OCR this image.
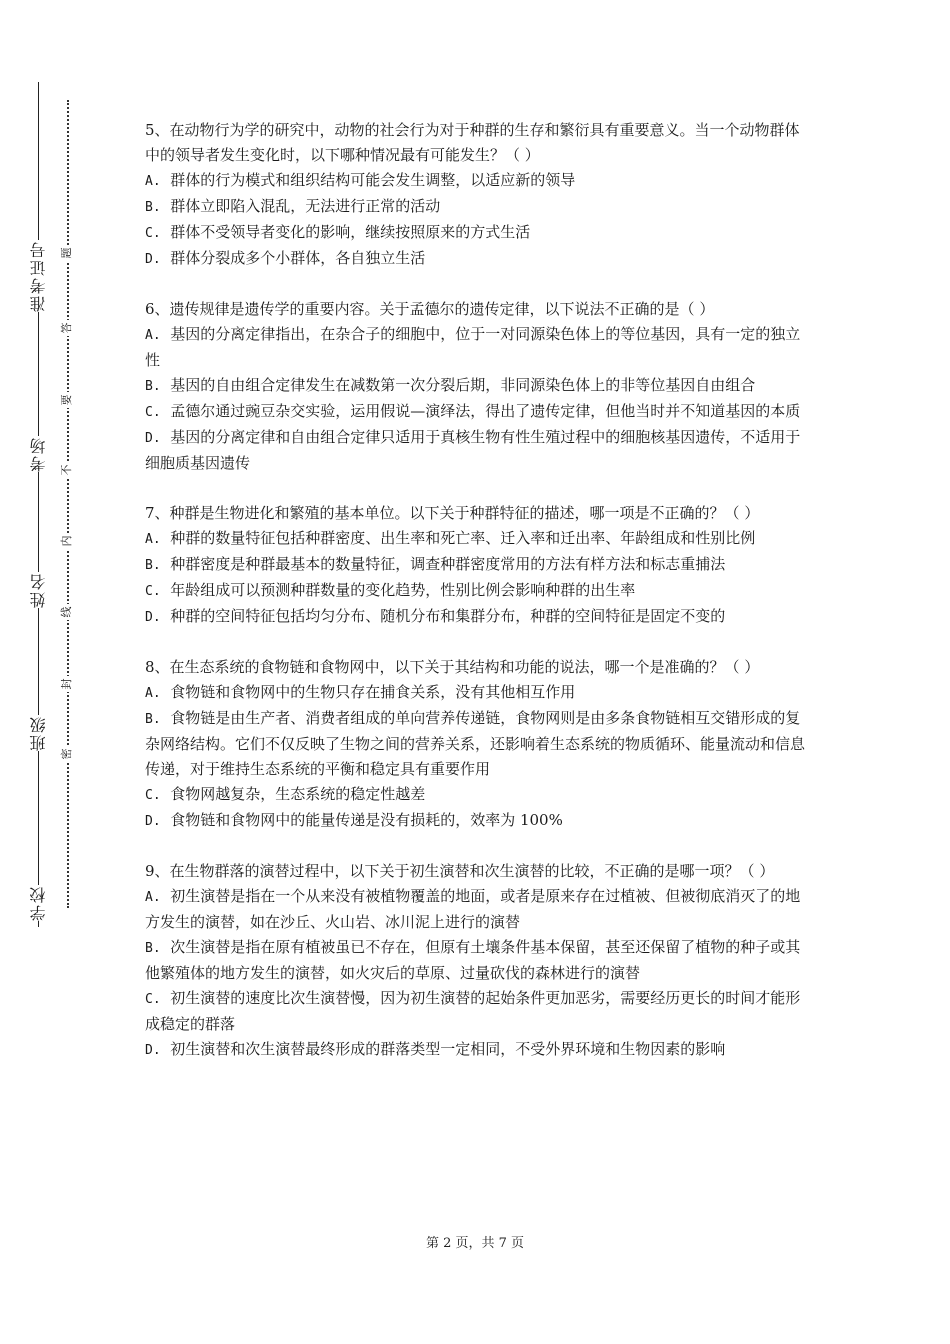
准考证号
考场
姓名
班级
学校
题
答
要
不
内
线
封
密

5、在动物行为学的研究中，动物的社会行为对于种群的生存和繁衍具有重要意义。当一个动物群体中的领导者发生变化时，以下哪种情况最有可能发生？（ ）

A. 群体的行为模式和组织结构可能会发生调整，以适应新的领导

B. 群体立即陷入混乱，无法进行正常的活动

C. 群体不受领导者变化的影响，继续按照原来的方式生活

D. 群体分裂成多个小群体，各自独立生活

6、遗传规律是遗传学的重要内容。关于孟德尔的遗传定律，以下说法不正确的是（ ）

A. 基因的分离定律指出，在杂合子的细胞中，位于一对同源染色体上的等位基因，具有一定的独立性

B. 基因的自由组合定律发生在减数第一次分裂后期，非同源染色体上的非等位基因自由组合

C. 孟德尔通过豌豆杂交实验，运用假说—演绎法，得出了遗传定律，但他当时并不知道基因的本质

D. 基因的分离定律和自由组合定律只适用于真核生物有性生殖过程中的细胞核基因遗传，不适用于细胞质基因遗传

7、种群是生物进化和繁殖的基本单位。以下关于种群特征的描述，哪一项是不正确的？（ ）

A. 种群的数量特征包括种群密度、出生率和死亡率、迁入率和迁出率、年龄组成和性别比例

B. 种群密度是种群最基本的数量特征，调查种群密度常用的方法有样方法和标志重捕法

C. 年龄组成可以预测种群数量的变化趋势，性别比例会影响种群的出生率

D. 种群的空间特征包括均匀分布、随机分布和集群分布，种群的空间特征是固定不变的

8、在生态系统的食物链和食物网中，以下关于其结构和功能的说法，哪一个是准确的？（ ）

A. 食物链和食物网中的生物只存在捕食关系，没有其他相互作用

B. 食物链是由生产者、消费者组成的单向营养传递链，食物网则是由多条食物链相互交错形成的复杂网络结构。它们不仅反映了生物之间的营养关系，还影响着生态系统的物质循环、能量流动和信息传递，对于维持生态系统的平衡和稳定具有重要作用

C. 食物网越复杂，生态系统的稳定性越差

D. 食物链和食物网中的能量传递是没有损耗的，效率为 100%

9、在生物群落的演替过程中，以下关于初生演替和次生演替的比较，不正确的是哪一项？（ ）

A. 初生演替是指在一个从来没有被植物覆盖的地面，或者是原来存在过植被、但被彻底消灭了的地方发生的演替，如在沙丘、火山岩、冰川泥上进行的演替

B. 次生演替是指在原有植被虽已不存在，但原有土壤条件基本保留，甚至还保留了植物的种子或其他繁殖体的地方发生的演替，如火灾后的草原、过量砍伐的森林进行的演替

C. 初生演替的速度比次生演替慢，因为初生演替的起始条件更加恶劣，需要经历更长的时间才能形成稳定的群落

D. 初生演替和次生演替最终形成的群落类型一定相同，不受外界环境和生物因素的影响

第 2 页，共 7 页
